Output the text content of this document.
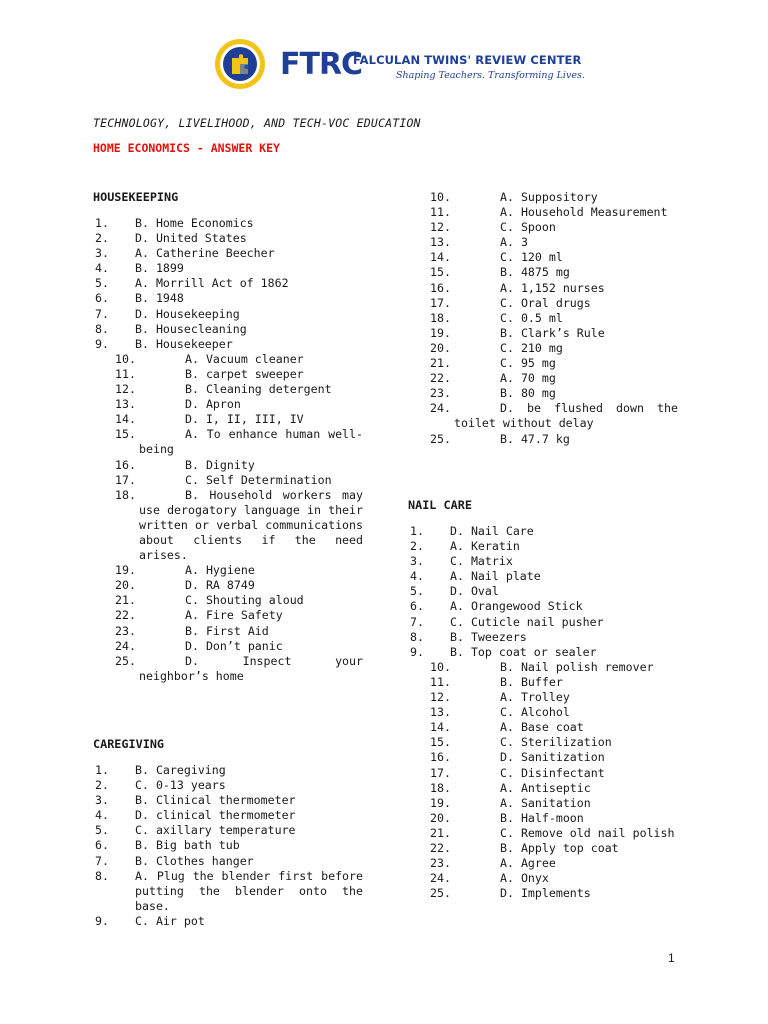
FTRC
FALCULAN TWINS' REVIEW CENTER
Shaping Teachers. Transforming Lives.
TECHNOLOGY, LIVELIHOOD, AND TECH-VOC EDUCATION
HOME ECONOMICS - ANSWER KEY
HOUSEKEEPING
1.B. Home Economics
2.D. United States
3.A. Catherine Beecher
4.B. 1899
5.A. Morrill Act of 1862
6.B. 1948
7.D. Housekeeping
8.B. Housecleaning
9.B. Housekeeper
10.	A. Vacuum cleaner
11.	B. carpet sweeper
12.	B. Cleaning detergent
13.	D. Apron
14.	D. I, II, III, IV
15.	A. To enhance human well-being
16.	B. Dignity
17.	C. Self Determination
18.	B. Household workers may use derogatory language in their written or verbal communications about clients if the need arises.
19.	A. Hygiene
20.	D. RA 8749
21.	C. Shouting aloud
22.	A. Fire Safety
23.	B. First Aid
24.	D. Don’t panic
25.	D. Inspect your neighbor’s home
CAREGIVING
1.B. Caregiving
2.C. 0-13 years
3.B. Clinical thermometer
4.D. clinical thermometer
5.C. axillary temperature
6.B. Big bath tub
7.B. Clothes hanger
8.A. Plug the blender first before putting the blender onto the base.
9.C. Air pot
10.	A. Suppository
11.	A. Household Measurement
12.	C. Spoon
13.	A. 3
14.	C. 120 ml
15.	B. 4875 mg
16.	A. 1,152 nurses
17.	C. Oral drugs
18.	C. 0.5 ml
19.	B. Clark’s Rule
20.	C. 210 mg
21.	C. 95 mg
22.	A. 70 mg
23.	B. 80 mg
24.	D. be flushed down the toilet without delay
25.	B. 47.7 kg
NAIL CARE
1.D. Nail Care
2.A. Keratin
3.C. Matrix
4.A. Nail plate
5.D. Oval
6.A. Orangewood Stick
7.C. Cuticle nail pusher
8.B. Tweezers
9.B. Top coat or sealer
10.	B. Nail polish remover
11.	B. Buffer
12.	A. Trolley
13.	C. Alcohol
14.	A. Base coat
15.	C. Sterilization
16.	D. Sanitization
17.	C. Disinfectant
18.	A. Antiseptic
19.	A. Sanitation
20.	B. Half-moon
21.	C. Remove old nail polish
22.	B. Apply top coat
23.	A. Agree
24.	A. Onyx
25.	D. Implements
1
